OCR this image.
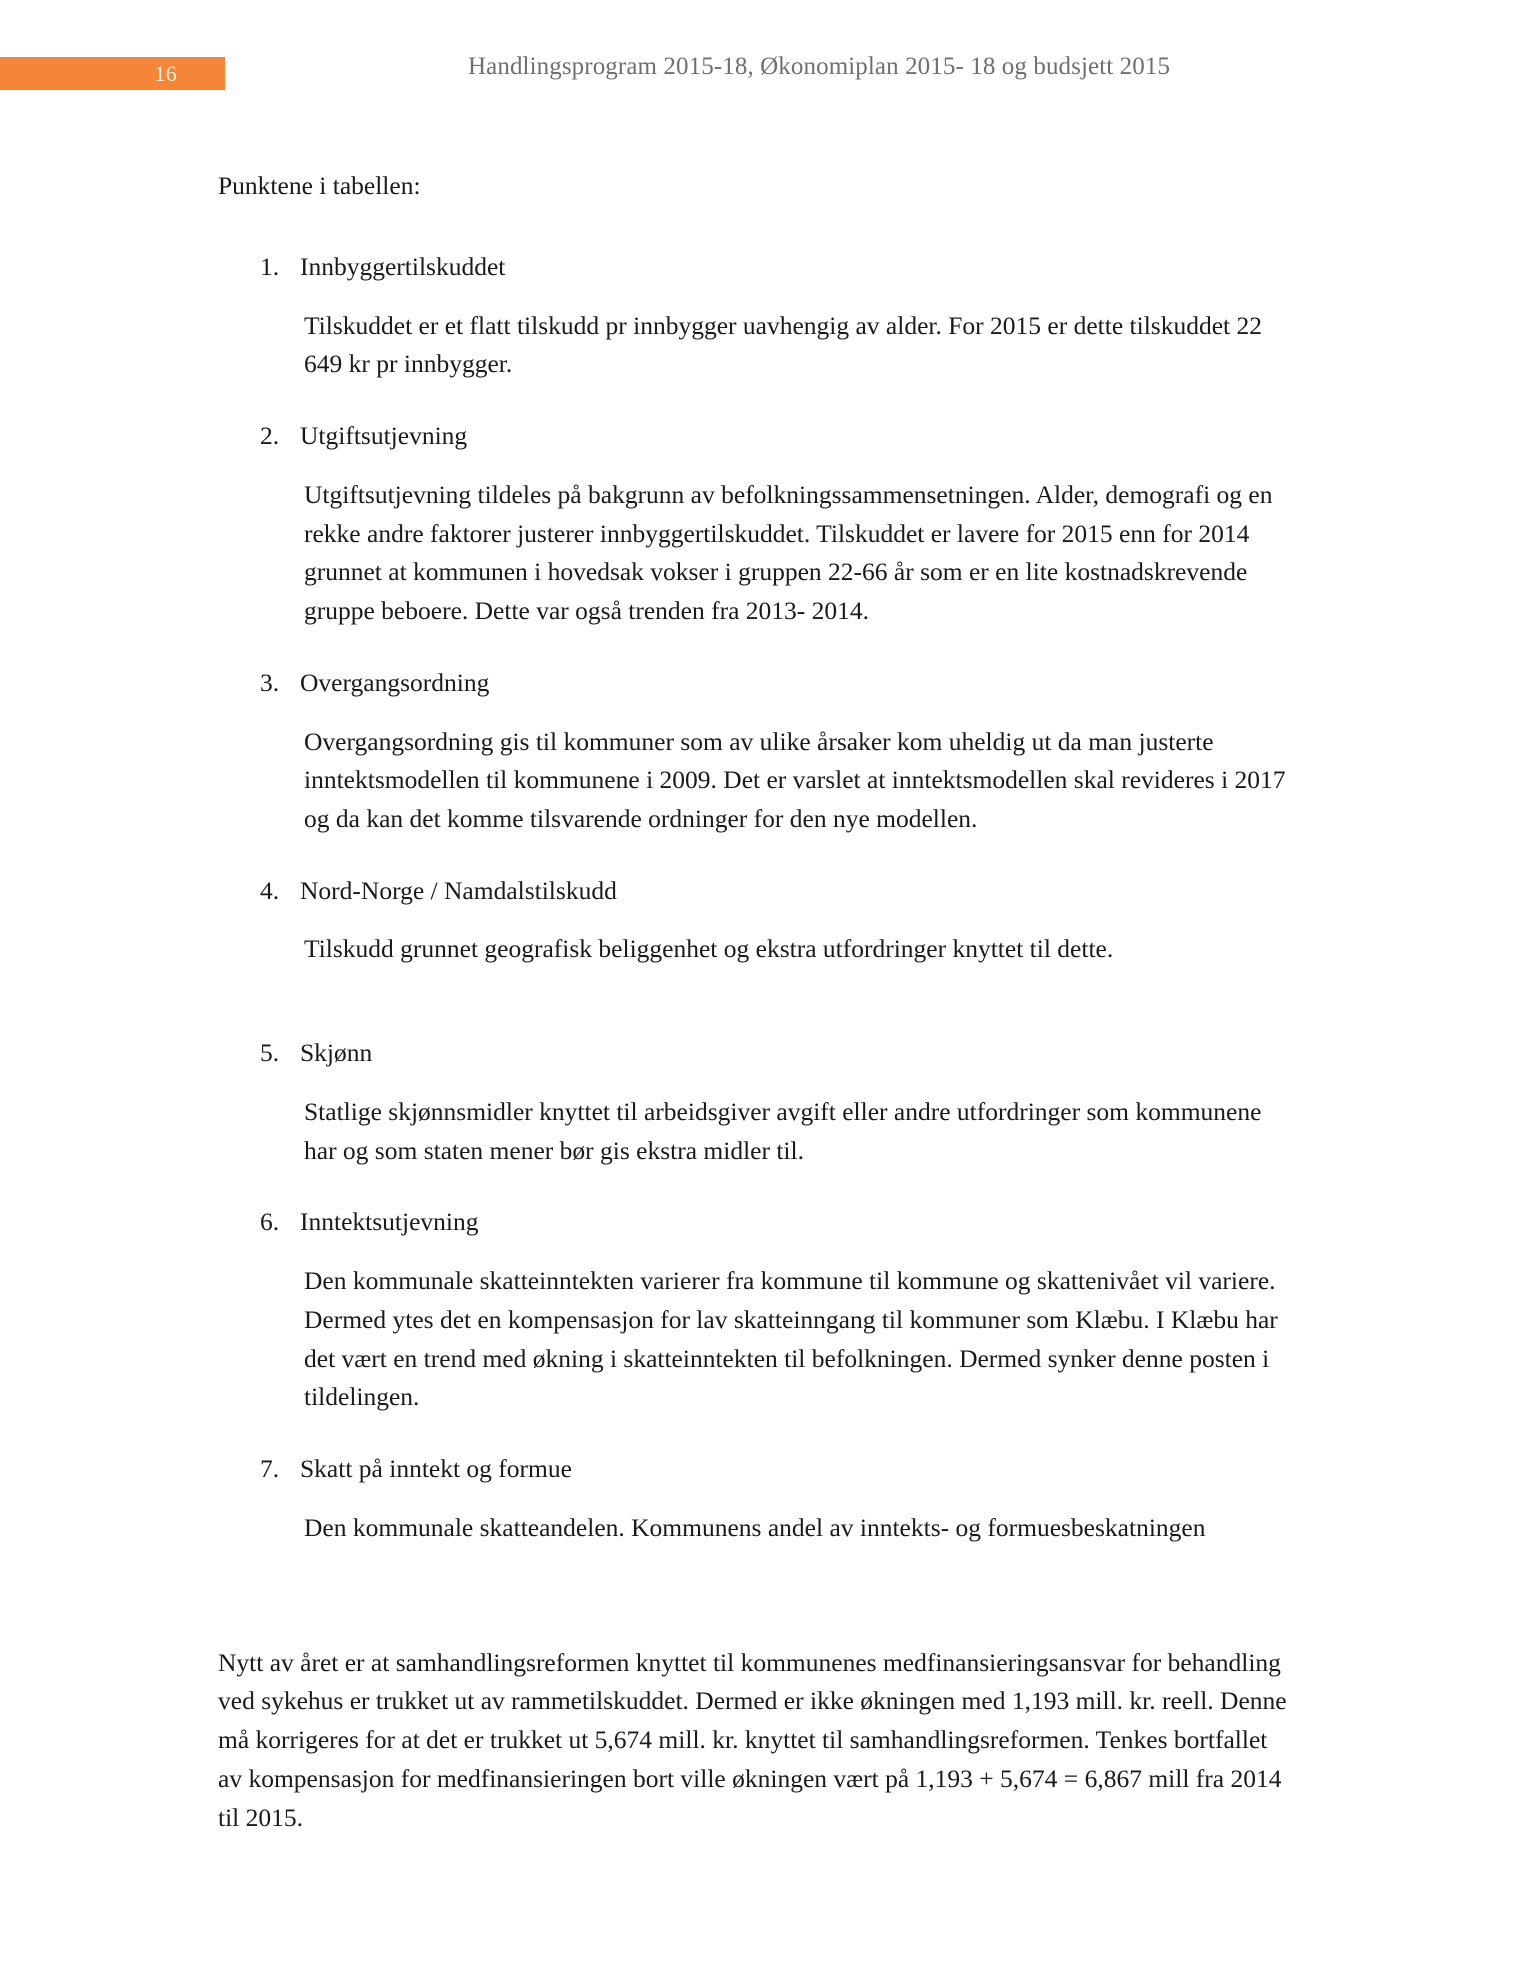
16	Handlingsprogram 2015-18, Økonomiplan 2015- 18 og budsjett 2015

Punktene i tabellen:

1. Innbyggertilskuddet

Tilskuddet er et flatt tilskudd pr innbygger uavhengig av alder. For 2015 er dette tilskuddet 22 649 kr pr innbygger.

2. Utgiftsutjevning

Utgiftsutjevning tildeles på bakgrunn av befolkningssammensetningen. Alder, demografi og en rekke andre faktorer justerer innbyggertilskuddet. Tilskuddet er lavere for 2015 enn for 2014 grunnet at kommunen i hovedsak vokser i gruppen 22-66 år som er en lite kostnadskrevende gruppe beboere. Dette var også trenden fra 2013- 2014.

3. Overgangsordning

Overgangsordning gis til kommuner som av ulike årsaker kom uheldig ut da man justerte inntektsmodellen til kommunene i 2009. Det er varslet at inntektsmodellen skal revideres i 2017 og da kan det komme tilsvarende ordninger for den nye modellen.

4. Nord-Norge / Namdalstilskudd

Tilskudd grunnet geografisk beliggenhet og ekstra utfordringer knyttet til dette.

5. Skjønn

Statlige skjønnsmidler knyttet til arbeidsgiver avgift eller andre utfordringer som kommunene har og som staten mener bør gis ekstra midler til.

6. Inntektsutjevning

Den kommunale skatteinntekten varierer fra kommune til kommune og skattenivået vil variere. Dermed ytes det en kompensasjon for lav skatteinngang til kommuner som Klæbu. I Klæbu har det vært en trend med økning i skatteinntekten til befolkningen. Dermed synker denne posten i tildelingen.

7. Skatt på inntekt og formue

Den kommunale skatteandelen. Kommunens andel av inntekts- og formuesbeskatningen

Nytt av året er at samhandlingsreformen knyttet til kommunenes medfinansieringsansvar for behandling ved sykehus er trukket ut av rammetilskuddet. Dermed er ikke økningen med 1,193 mill. kr. reell. Denne må korrigeres for at det er trukket ut 5,674 mill. kr. knyttet til samhandlingsreformen. Tenkes bortfallet av kompensasjon for medfinansieringen bort ville økningen vært på 1,193 + 5,674 = 6,867 mill fra 2014 til 2015.
